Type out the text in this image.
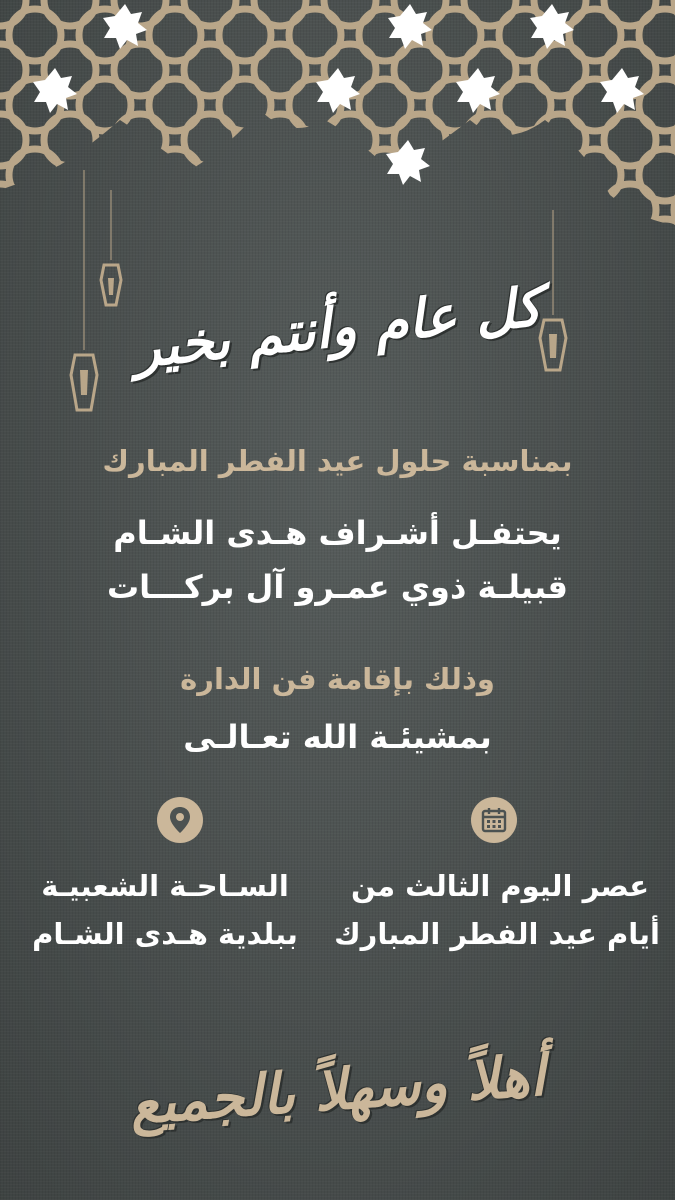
كل عام وأنتم بخير
بمناسبة حلول عيد الفطر المبارك
يحتفـل أشـراف هـدى الشـام
قبيلـة ذوي عمـرو آل بركـــات
وذلك بإقامة فن الدارة
بمشيئـة الله تعـالـى
عصر اليوم الثالث من
أيام عيد الفطر المبارك
السـاحـة الشعبيـة
ببلدية هـدى الشـام
أهلاً وسهلاً بالجميع
